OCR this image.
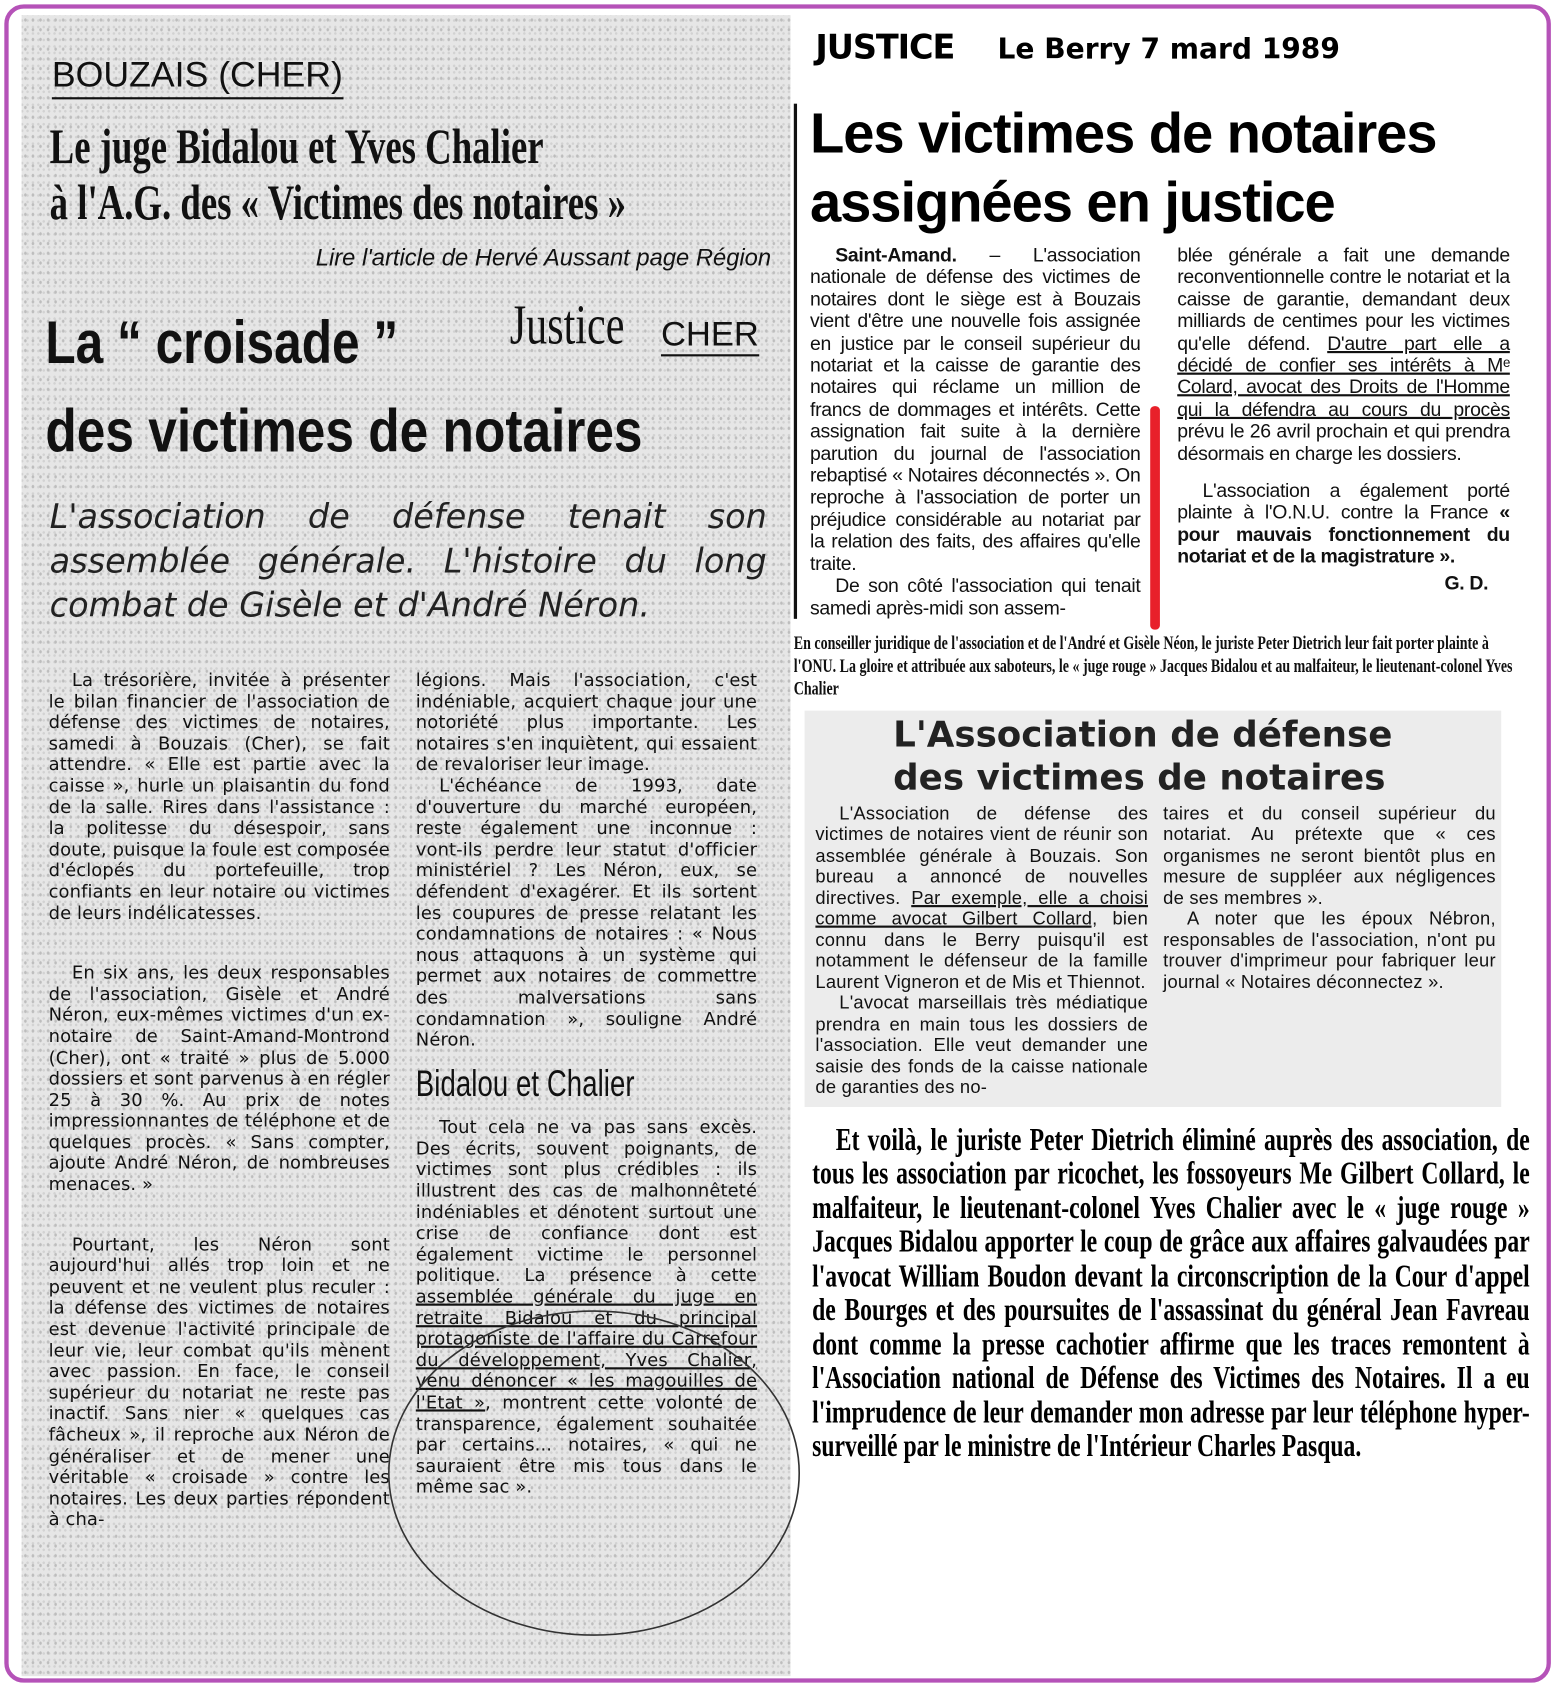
BOUZAIS (CHER)
Le juge Bidalou et Yves Chalier
à l'A.G. des « Victimes des notaires »
Lire l'article de Hervé Aussant page Région
La “ croisade ” Justice CHER
des victimes de notaires
L'association de défense tenait son assemblée générale. L'histoire du long combat de Gisèle et d'André Néron.

La trésorière, invitée à présenter le bilan financier de l'association de défense des victimes de notaires, samedi à Bouzais (Cher), se fait attendre. « Elle est partie avec la caisse », hurle un plaisantin du fond de la salle. Rires dans l'assistance : la politesse du désespoir, sans doute, puisque la foule est composée d'éclopés du portefeuille, trop confiants en leur notaire ou victimes de leurs indélicatesses.

En six ans, les deux responsables de l'association, Gisèle et André Néron, eux-mêmes victimes d'un ex-notaire de Saint-Amand-Montrond (Cher), ont « traité » plus de 5.000 dossiers et sont parvenus à en régler 25 à 30 %. Au prix de notes impressionnantes de téléphone et de quelques procès. « Sans compter, ajoute André Néron, de nombreuses menaces. »

Pourtant, les Néron sont aujourd'hui allés trop loin et ne peuvent et ne veulent plus reculer : la défense des victimes de notaires est devenue l'activité principale de leur vie, leur combat qu'ils mènent avec passion. En face, le conseil supérieur du notariat ne reste pas inactif. Sans nier « quelques cas fâcheux », il reproche aux Néron de généraliser et de mener une véritable « croisade » contre les notaires. Les deux parties répondent à cha-

légions. Mais l'association, c'est indéniable, acquiert chaque jour une notoriété plus importante. Les notaires s'en inquiètent, qui essaient de revaloriser leur image.

L'échéance de 1993, date d'ouverture du marché européen, reste également une inconnue : vont-ils perdre leur statut d'officier ministériel ? Les Néron, eux, se défendent d'exagérer. Et ils sortent les coupures de presse relatant les condamnations de notaires : « Nous nous attaquons à un système qui permet aux notaires de commettre des malversations sans condamnation », souligne André Néron.

Bidalou et Chalier

Tout cela ne va pas sans excès. Des écrits, souvent poignants, de victimes sont plus crédibles : ils illustrent des cas de malhonnêteté indéniables et dénotent surtout une crise de confiance dont est également victime le personnel politique. La présence à cette assemblée générale du juge en retraite Bidalou et du principal protagoniste de l'affaire du Carrefour du développement, Yves Chalier, venu dénoncer « les magouilles de l'Etat », montrent cette volonté de transparence, également souhaitée par certains... notaires, « qui ne sauraient être mis tous dans le même sac ».

JUSTICE Le Berry 7 mard 1989
Les victimes de notaires
assignées en justice

Saint-Amand. – L'association nationale de défense des victimes de notaires dont le siège est à Bouzais vient d'être une nouvelle fois assignée en justice par le conseil supérieur du notariat et la caisse de garantie des notaires qui réclame un million de francs de dommages et intérêts. Cette assignation fait suite à la dernière parution du journal de l'association rebaptisé « Notaires déconnectés ». On reproche à l'association de porter un préjudice considérable au notariat par la relation des faits, des affaires qu'elle traite.

De son côté l'association qui tenait samedi après-midi son assem-

blée générale a fait une demande reconventionnelle contre le notariat et la caisse de garantie, demandant deux milliards de centimes pour les victimes qu'elle défend. D'autre part elle a décidé de confier ses intérêts à Mᵉ Colard, avocat des Droits de l'Homme qui la défendra au cours du procès prévu le 26 avril prochain et qui prendra désormais en charge les dossiers.

L'association a également porté plainte à l'O.N.U. contre la France « pour mauvais fonctionnement du notariat et de la magistrature ».

G. D.

En conseiller juridique de l'association et de l'André et Gisèle Néon, le juriste Peter Dietrich leur fait porter plainte à l'ONU. La gloire et attribuée aux saboteurs, le « juge rouge » Jacques Bidalou et au malfaiteur, le lieutenant-colonel Yves Chalier
L'Association de défense
des victimes de notaires

L'Association de défense des victimes de notaires vient de réunir son assemblée générale à Bouzais. Son bureau a annoncé de nouvelles directives. Par exemple, elle a choisi comme avocat Gilbert Collard, bien connu dans le Berry puisqu'il est notamment le défenseur de la famille Laurent Vigneron et de Mis et Thiennot.

L'avocat marseillais très médiatique prendra en main tous les dossiers de l'association. Elle veut demander une saisie des fonds de la caisse nationale de garanties des no-

taires et du conseil supérieur du notariat. Au prétexte que « ces organismes ne seront bientôt plus en mesure de suppléer aux négligences de ses membres ».

A noter que les époux Nébron, responsables de l'association, n'ont pu trouver d'imprimeur pour fabriquer leur journal « Notaires déconnectez ».

Et voilà, le juriste Peter Dietrich éliminé auprès des association, de tous les association par ricochet, les fossoyeurs Me Gilbert Collard, le malfaiteur, le lieutenant-colonel Yves Chalier avec le « juge rouge » Jacques Bidalou apporter le coup de grâce aux affaires galvaudées par l'avocat William Boudon devant la circonscription de la Cour d'appel de Bourges et des poursuites de l'assassinat du général Jean Favreau dont comme la presse cachotier affirme que les traces remontent à l'Association national de Défense des Victimes des Notaires. Il a eu l'imprudence de leur demander mon adresse par leur téléphone hyper-surveillé par le ministre de l'Intérieur Charles Pasqua.
